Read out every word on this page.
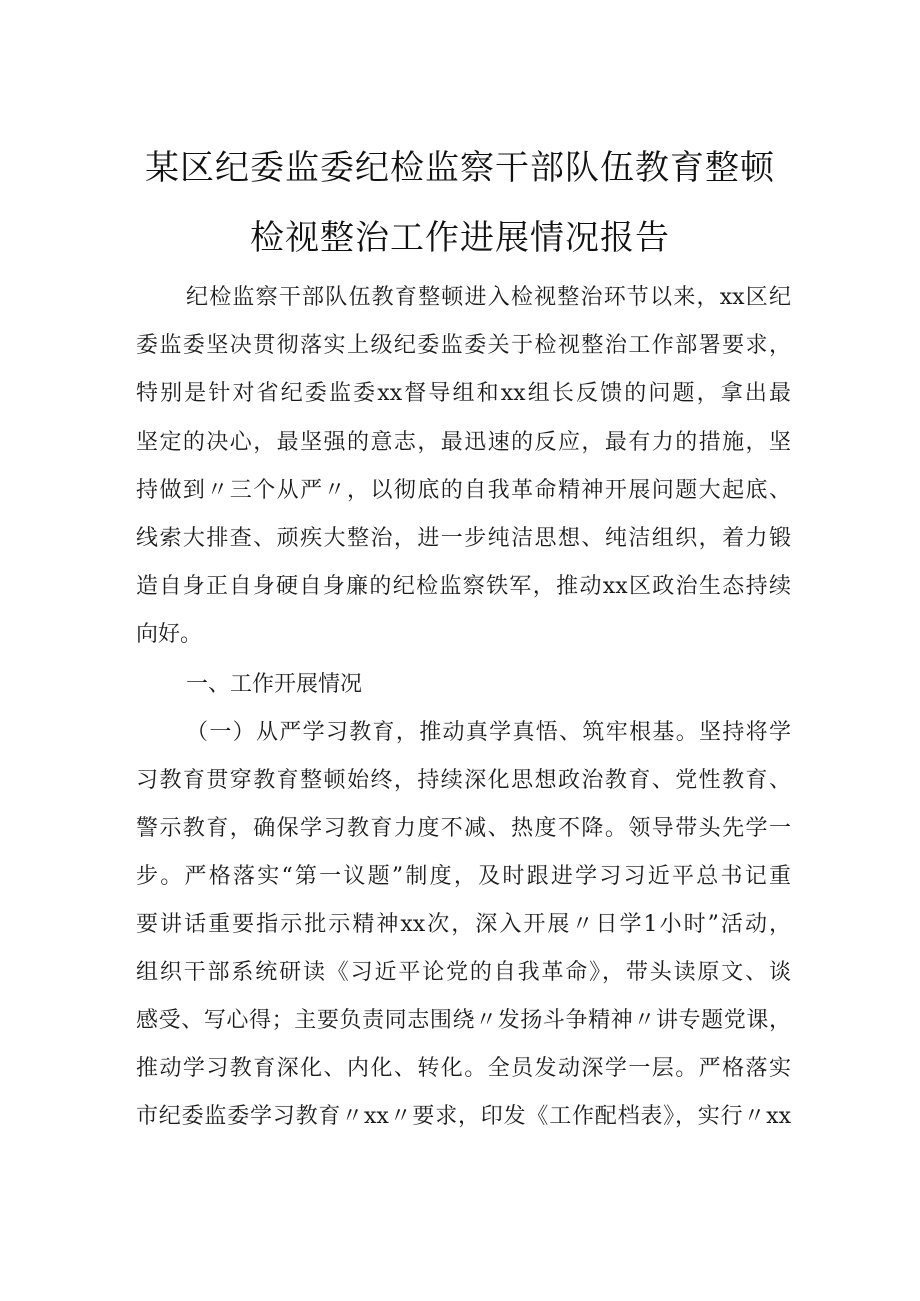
某区纪委监委纪检监察干部队伍教育整顿
检视整治工作进展情况报告
纪检监察干部队伍教育整顿进入检视整治环节以来，xx区纪
委监委坚决贯彻落实上级纪委监委关于检视整治工作部署要求，
特别是针对省纪委监委xx督导组和xx组长反馈的问题，拿出最
坚定的决心，最坚强的意志，最迅速的反应，最有力的措施，坚
持做到〃三个从严〃，以彻底的自我革命精神开展问题大起底、
线索大排查、顽疾大整治，进一步纯洁思想、纯洁组织，着力锻
造自身正自身硬自身廉的纪检监察铁军，推动xx区政治生态持续
向好。
一、工作开展情况
（一）从严学习教育，推动真学真悟、筑牢根基。坚持将学
习教育贯穿教育整顿始终，持续深化思想政治教育、党性教育、
警示教育，确保学习教育力度不减、热度不降。领导带头先学一
步。严格落实“第一议题”制度，及时跟进学习习近平总书记重
要讲话重要指示批示精神xx次，深入开展〃日学1小时”活动，
组织干部系统研读《习近平论党的自我革命》，带头读原文、谈
感受、写心得；主要负责同志围绕〃发扬斗争精神〃讲专题党课，
推动学习教育深化、内化、转化。全员发动深学一层。严格落实
市纪委监委学习教育〃xx〃要求，印发《工作配档表》，实行〃xx
